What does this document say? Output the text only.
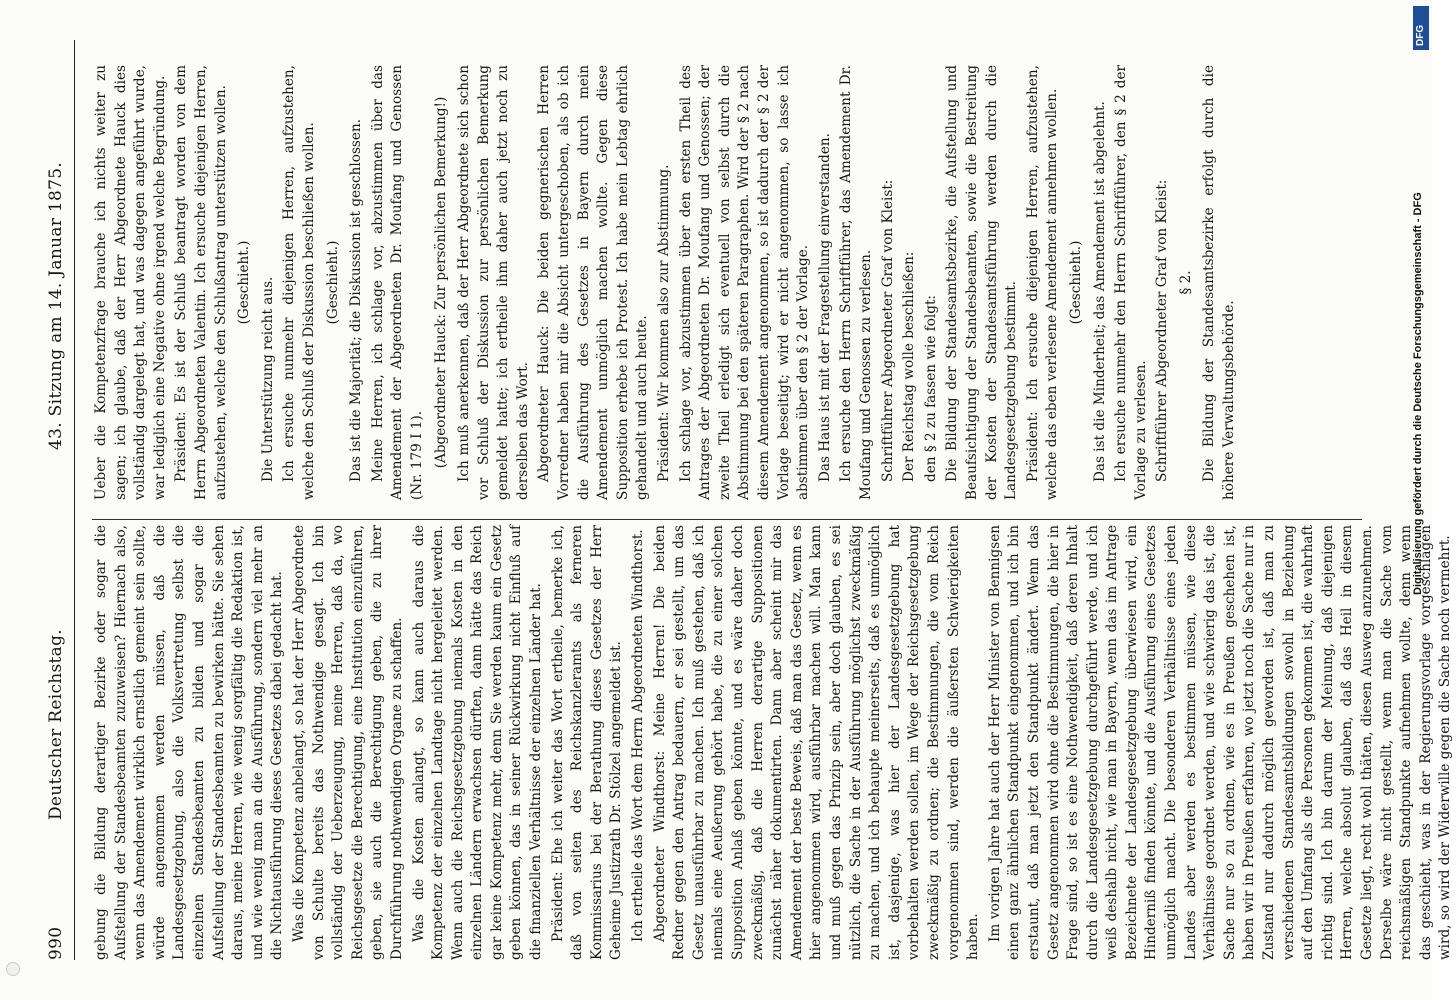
990
Deutscher Reichstag.
43. Sitzung am 14. Januar 1875.

gebung die Bildung derartiger Bezirke oder sogar die Aufstellung der Standesbeamten zuzuweisen? Hiernach also, wenn das Amendement wirklich ernstlich gemeint sein sollte, würde angenommen werden müssen, daß die Landesgesetzgebung, also die Volksvertretung selbst die einzelnen Standesbeamten zu bilden und sogar die Aufstellung der Standesbeamten zu bewirken hätte. Sie sehen daraus, meine Herren, wie wenig sorgfältig die Redaktion ist, und wie wenig man an die Ausführung, sondern viel mehr an die Nichtausführung dieses Gesetzes dabei gedacht hat. Was die Kompetenz anbelangt, so hat der Herr Abgeordnete von Schulte bereits das Nothwendige gesagt. Ich bin vollständig der Ueberzeugung, meine Herren, daß da, wo Reichsgesetze die Berechtigung, eine Institution einzuführen, geben, sie auch die Berechtigung geben, die zu ihrer Durchführung nothwendigen Organe zu schaffen. Was die Kosten anlangt, so kann auch daraus die Kompetenz der einzelnen Landtage nicht hergeleitet werden. Wenn auch die Reichsgesetzgebung niemals Kosten in den einzelnen Ländern erwachsen dürften, dann hätte das Reich gar keine Kompetenz mehr, denn Sie werden kaum ein Gesetz geben können, das in seiner Rückwirkung nicht Einfluß auf die finanziellen Verhältnisse der einzelnen Länder hat. Präsident: Ehe ich weiter das Wort ertheile, bemerke ich, daß von seiten des Reichskanzleramts als ferneren Kommissarius bei der Berathung dieses Gesetzes der Herr Geheime Justizrath Dr. Stölzel angemeldet ist. Ich ertheile das Wort dem Herrn Abgeordneten Windthorst. Abgeordneter Windthorst: Meine Herren! Die beiden Redner gegen den Antrag bedauern, er sei gestellt, um das Gesetz unausführbar zu machen. Ich muß gestehen, daß ich niemals eine Aeußerung gehört habe, die zu einer solchen Supposition Anlaß geben könnte, und es wäre daher doch zweckmäßig, daß die Herren derartige Suppositionen zunächst näher dokumentirten. Dann aber scheint mir das Amendement der beste Beweis, daß man das Gesetz, wenn es hier angenommen wird, ausführbar machen will. Man kann und muß gegen das Prinzip sein, aber doch glauben, es sei nützlich, die Sache in der Ausführung möglichst zweckmäßig zu machen, und ich behaupte meinerseits, daß es unmöglich ist, dasjenige, was hier der Landesgesetzgebung hat vorbehalten werden sollen, im Wege der Reichsgesetzgebung zweckmäßig zu ordnen; die Bestimmungen, die vom Reich vorgenommen sind, werden die äußersten Schwierigkeiten haben. Im vorigen Jahre hat auch der Herr Minister von Bennigsen einen ganz ähnlichen Standpunkt eingenommen, und ich bin erstaunt, daß man jetzt den Standpunkt ändert. Wenn das Gesetz angenommen wird ohne die Bestimmungen, die hier in Frage sind, so ist es eine Nothwendigkeit, daß deren Inhalt durch die Landesgesetzgebung durchgeführt werde, und ich weiß deshalb nicht, wie man in Bayern, wenn das im Antrage Bezeichnete der Landesgesetzgebung überwiesen wird, ein Hinderniß finden könnte, und die Ausführung eines Gesetzes unmöglich macht. Die besonderen Verhältnisse eines jeden Landes aber werden es bestimmen müssen, wie diese Verhältnisse geordnet werden, und wie schwierig das ist, die Sache nur so zu ordnen, wie es in Preußen geschehen ist, haben wir in Preußen erfahren, wo jetzt noch die Sache nur in Zustand nur dadurch möglich geworden ist, daß man zu verschiedenen Standesamtsbildungen sowohl in Beziehung auf den Umfang als die Personen gekommen ist, die wahrhaft richtig sind. Ich bin darum der Meinung, daß diejenigen Herren, welche absolut glauben, daß das Heil in diesem Gesetze liegt, recht wohl thäten, diesen Ausweg anzunehmen. Derselbe wäre nicht gestellt, wenn man die Sache vom reichsmäßigen Standpunkte aufnehmen wollte, denn wenn das geschieht, was in der Regierungsvorlage vorgeschlagen wird, so wird der Widerwille gegen die Sache noch vermehrt.

Ueber die Kompetenzfrage brauche ich nichts weiter zu sagen; ich glaube, daß der Herr Abgeordnete Hauck dies vollständig dargelegt hat, und was dagegen angeführt wurde, war lediglich eine Negative ohne irgend welche Begründung. Präsident: Es ist der Schluß beantragt worden von dem Herrn Abgeordneten Valentin. Ich ersuche diejenigen Herren, aufzustehen, welche den Schlußantrag unterstützen wollen. (Geschieht.) Die Unterstützung reicht aus. Ich ersuche nunmehr diejenigen Herren, aufzustehen, welche den Schluß der Diskussion beschließen wollen. (Geschieht.) Das ist die Majorität; die Diskussion ist geschlossen. Meine Herren, ich schlage vor, abzustimmen über das Amendement der Abgeordneten Dr. Moufang und Genossen (Nr. 179 I 1). (Abgeordneter Hauck: Zur persönlichen Bemerkung!) Ich muß anerkennen, daß der Herr Abgeordnete sich schon vor Schluß der Diskussion zur persönlichen Bemerkung gemeldet hatte; ich ertheile ihm daher auch jetzt noch zu derselben das Wort. Abgeordneter Hauck: Die beiden gegnerischen Herren Vorredner haben mir die Absicht untergeschoben, als ob ich die Ausführung des Gesetzes in Bayern durch mein Amendement unmöglich machen wollte. Gegen diese Supposition erhebe ich Protest. Ich habe mein Lebtag ehrlich gehandelt und auch heute. Präsident: Wir kommen also zur Abstimmung. Ich schlage vor, abzustimmen über den ersten Theil des Antrages der Abgeordneten Dr. Moufang und Genossen; der zweite Theil erledigt sich eventuell von selbst durch die Abstimmung bei den späteren Paragraphen. Wird der § 2 nach diesem Amendement angenommen, so ist dadurch der § 2 der Vorlage beseitigt; wird er nicht angenommen, so lasse ich abstimmen über den § 2 der Vorlage. Das Haus ist mit der Fragestellung einverstanden. Ich ersuche den Herrn Schriftführer, das Amendement Dr. Moufang und Genossen zu verlesen. Schriftführer Abgeordneter Graf von Kleist: Der Reichstag wolle beschließen: den § 2 zu fassen wie folgt: Die Bildung der Standesamtsbezirke, die Aufstellung und Beaufsichtigung der Standesbeamten, sowie die Bestreitung der Kosten der Standesamtsführung werden durch die Landesgesetzgebung bestimmt. Präsident: Ich ersuche diejenigen Herren, aufzustehen, welche das eben verlesene Amendement annehmen wollen. (Geschieht.) Das ist die Minderheit; das Amendement ist abgelehnt. Ich ersuche nunmehr den Herrn Schriftführer, den § 2 der Vorlage zu verlesen. Schriftführer Abgeordneter Graf von Kleist: § 2. Die Bildung der Standesamtsbezirke erfolgt durch die höhere Verwaltungsbehörde.

DFG
Digitalisierung gefördert durch die Deutsche Forschungsgemeinschaft - DFG
